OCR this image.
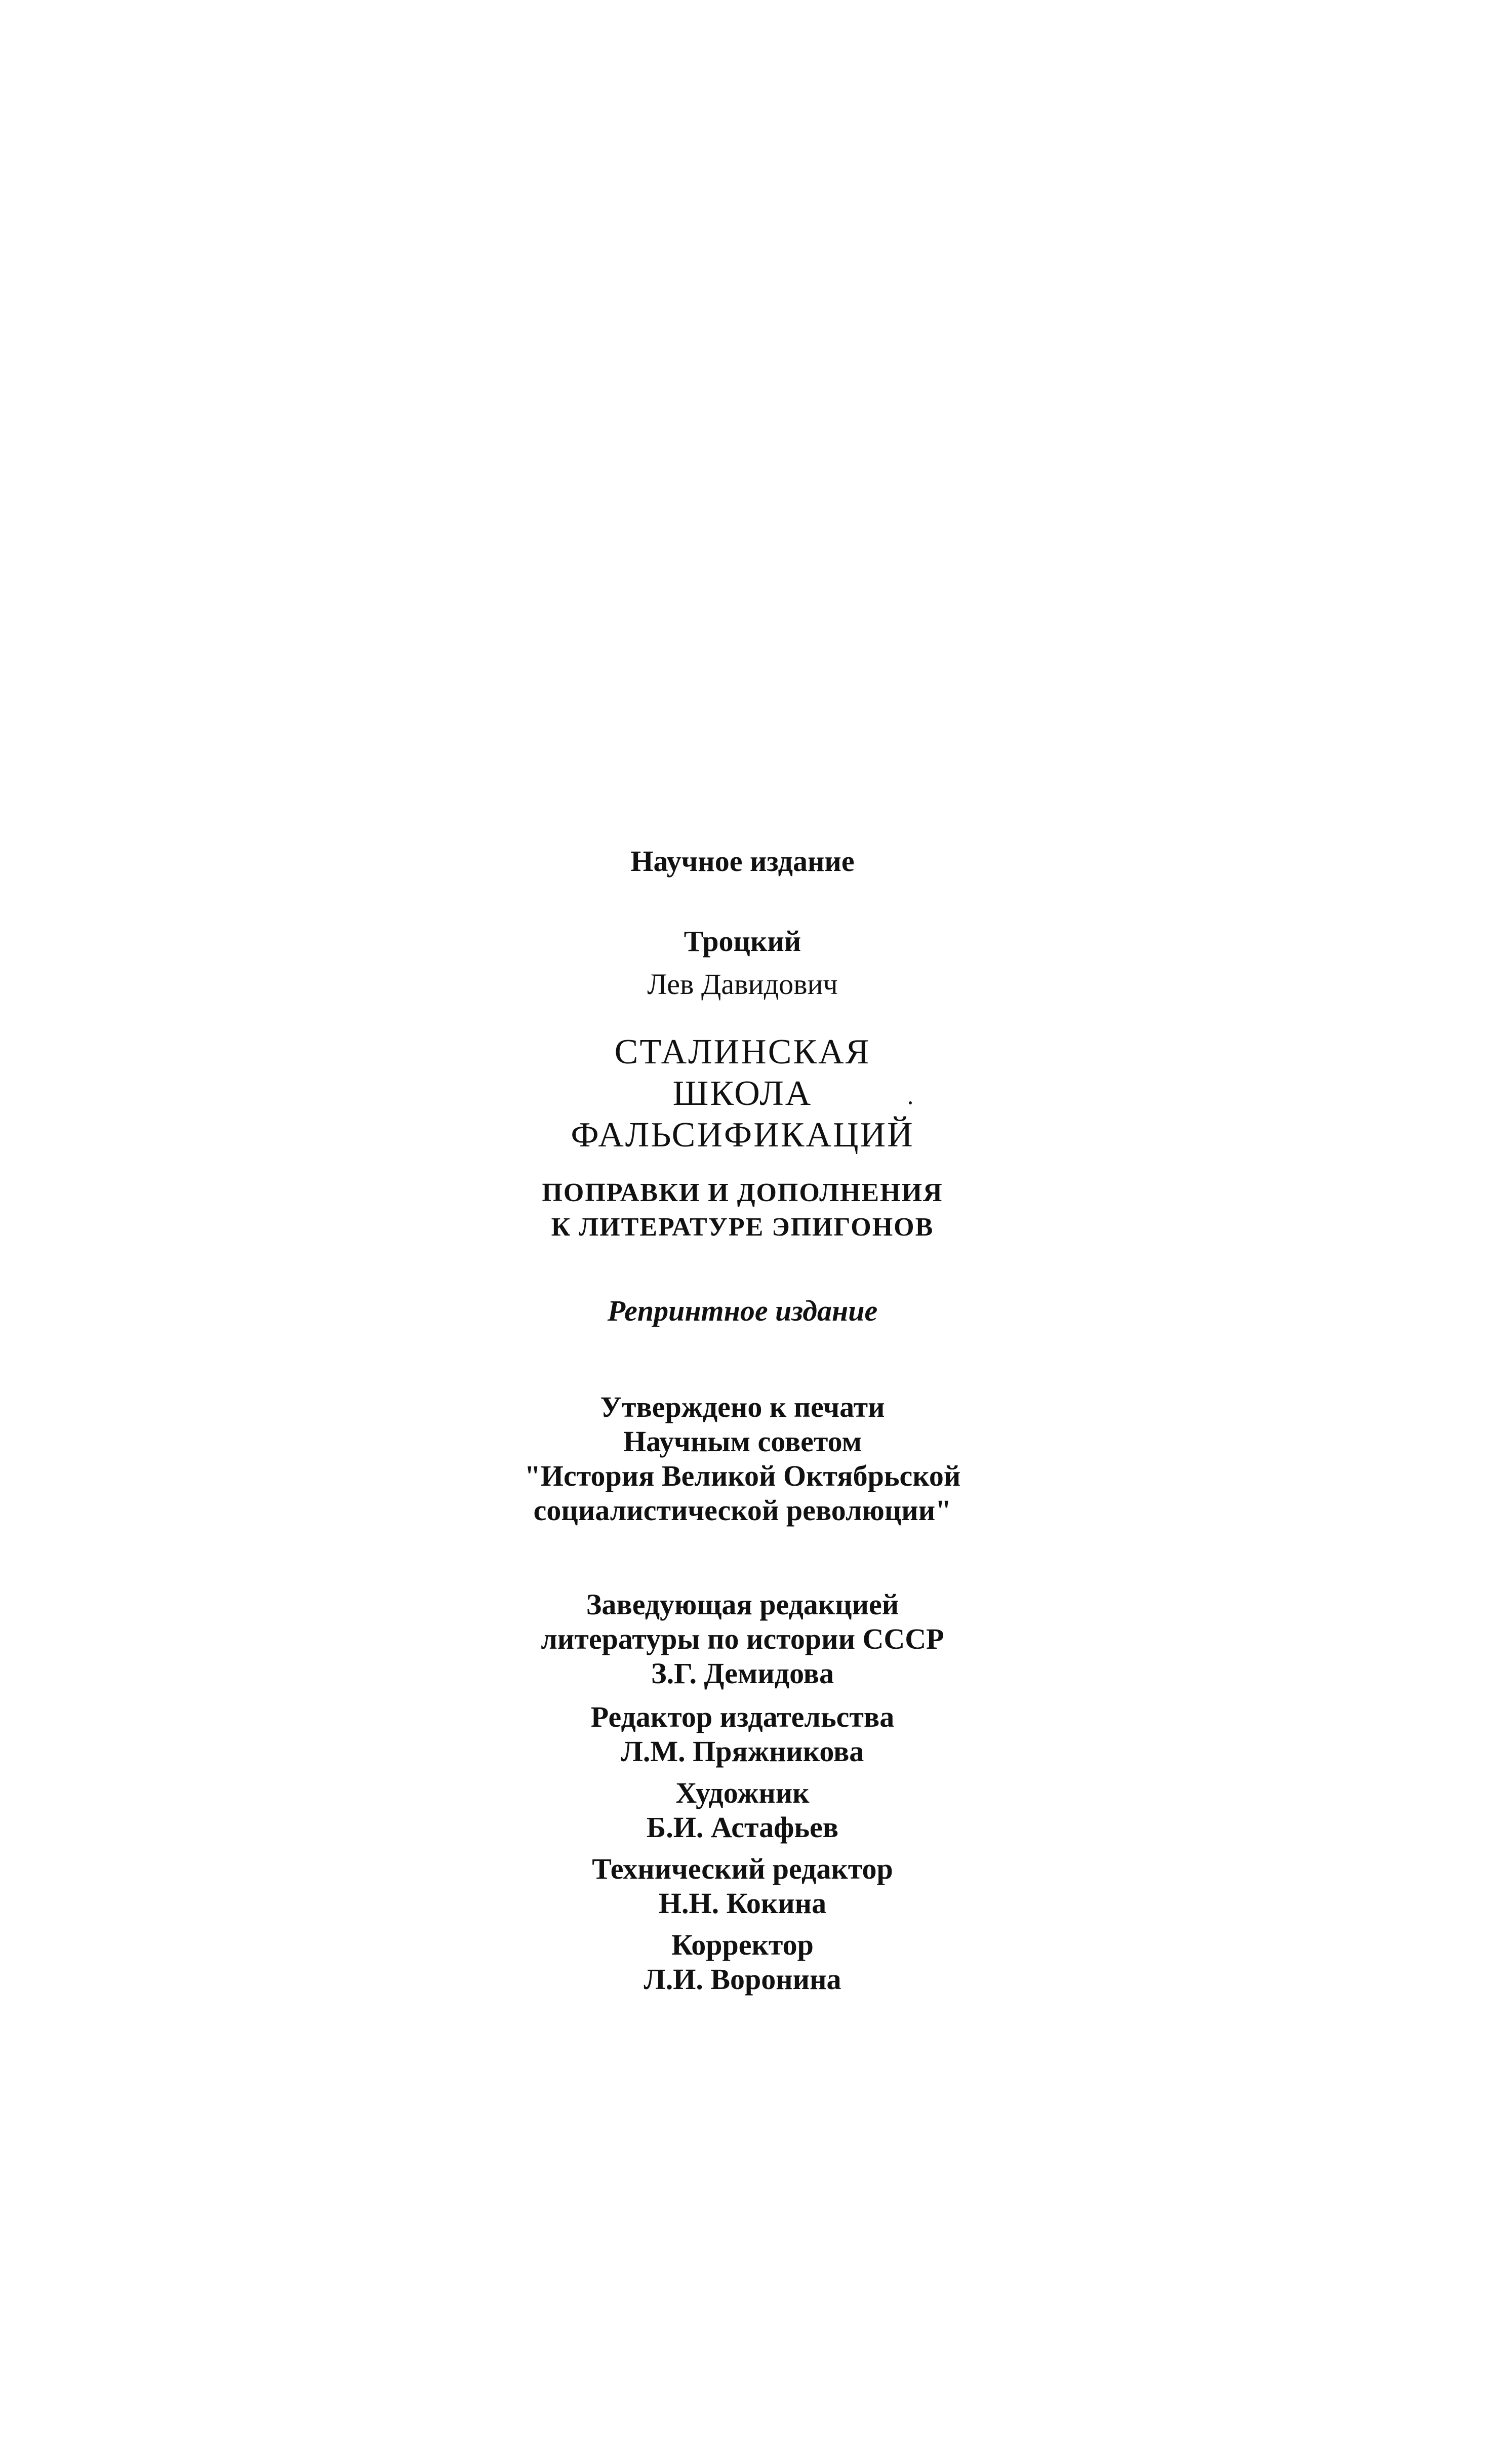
Научное издание
Троцкий
Лев Давидович
СТАЛИНСКАЯ
ШКОЛА
ФАЛЬСИФИКАЦИЙ
ПОПРАВКИ И ДОПОЛНЕНИЯ
К ЛИТЕРАТУРЕ ЭПИГОНОВ
Репринтное издание
Утверждено к печати
Научным советом
"История Великой Октябрьской
социалистической революции"
Заведующая редакцией
литературы по истории СССР
З.Г. Демидова
Редактор издательства
Л.М. Пряжникова
Художник
Б.И. Астафьев
Технический редактор
Н.Н. Кокина
Корректор
Л.И. Воронина
